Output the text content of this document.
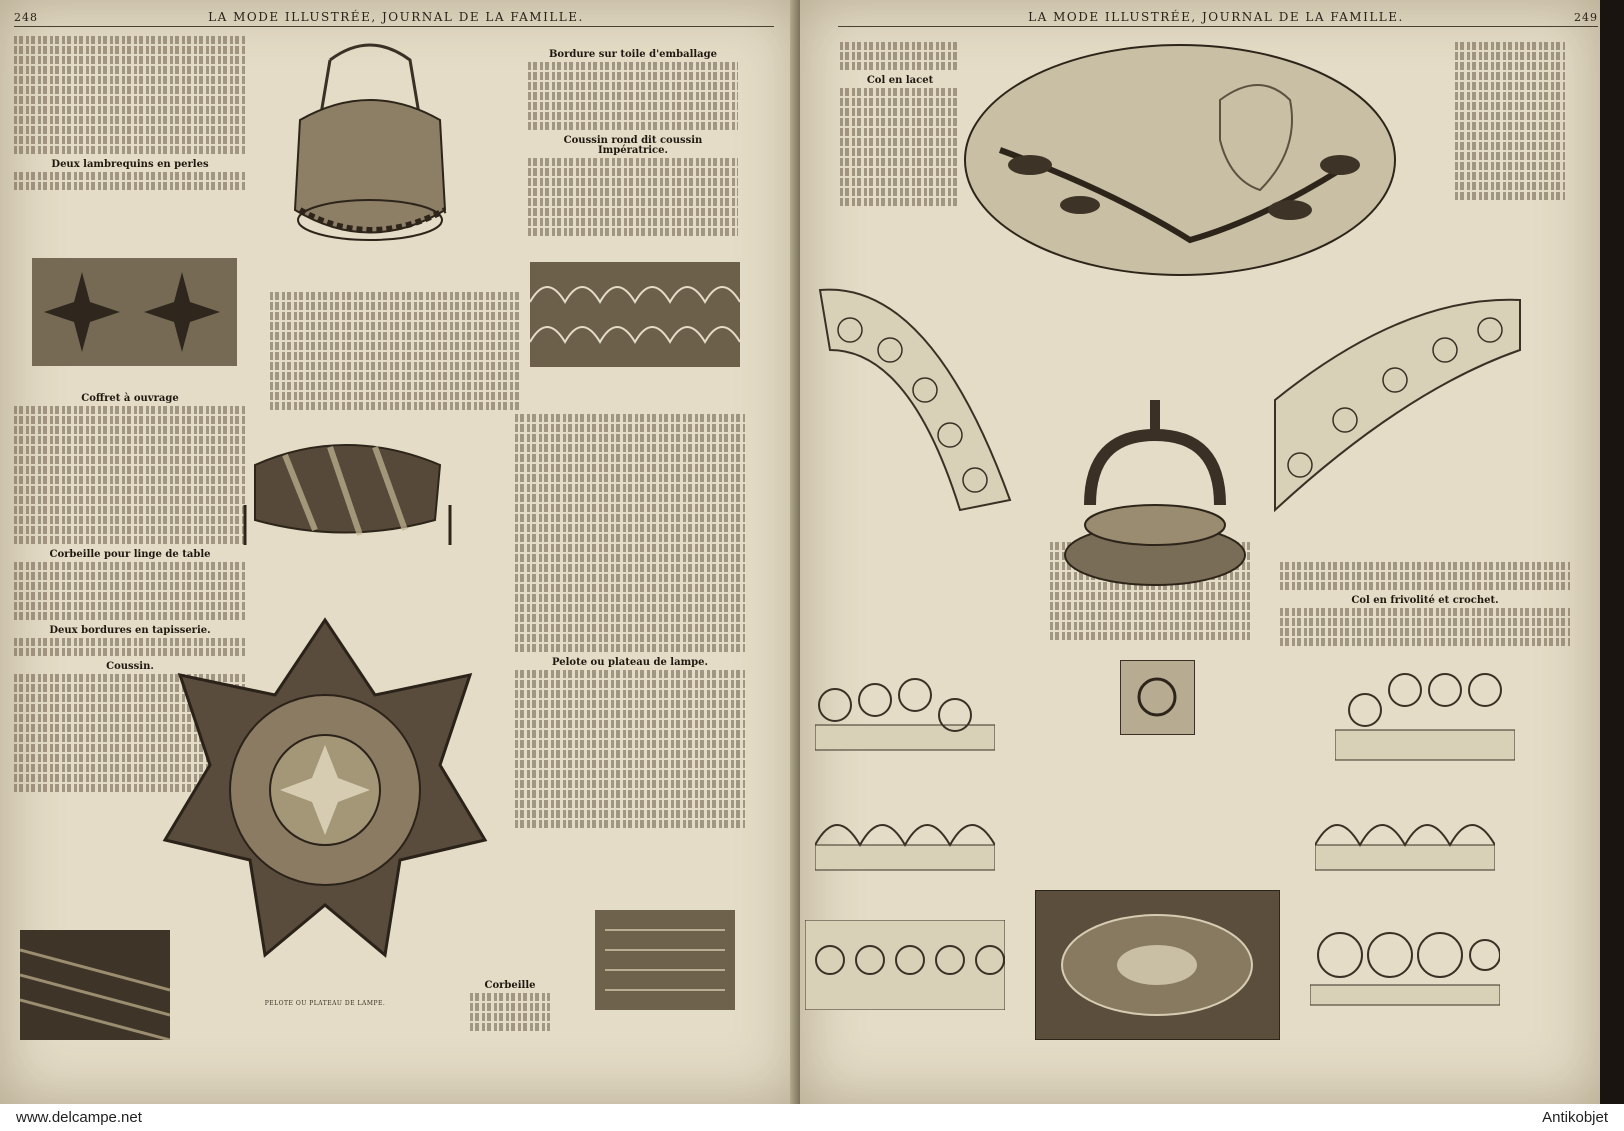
248	LA MODE ILLUSTRÉE, JOURNAL DE LA FAMILLE.
Deux lambrequins en perles
Coffret à ouvrage
Corbeille pour linge de table
Deux bordures en tapisserie.
Coussin.
Bordure sur toile d'emballage
Coussin rond dit coussin Impératrice.
Pelote ou plateau de lampe.
Corbeille
PELOTE OU PLATEAU DE LAMPE.
LA MODE ILLUSTRÉE, JOURNAL DE LA FAMILLE.	249
Col en lacet
Col en frivolité et crochet.
www.delcampe.net	Antikobjet
